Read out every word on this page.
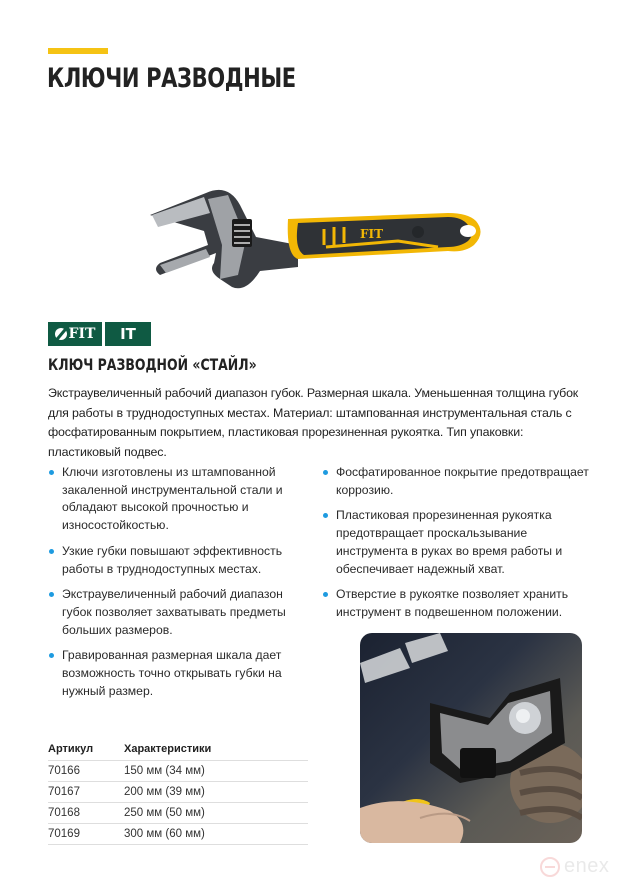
КЛЮЧИ РАЗВОДНЫЕ
FIT
FIT IT
КЛЮЧ РАЗВОДНОЙ «СТАЙЛ»

Экстраувеличенный рабочий диапазон губок. Размерная шкала. Уменьшенная толщина губок для работы в труднодоступных местах. Материал: штампованная инструментальная сталь с фосфатированным покрытием, пластиковая прорезиненная рукоятка. Тип упаковки: пластиковый подвес.

Ключи изготовлены из штампованной закаленной инструментальной стали и обладают высокой прочностью и износостойкостью.
Узкие губки повышают эффективность работы в труднодоступных местах.
Экстраувеличенный рабочий диапазон губок позволяет захватывать предметы больших размеров.
Гравированная размерная шкала дает возможность точно открывать губки на нужный размер.
Фосфатированное покрытие предотвращает коррозию.
Пластиковая прорезиненная рукоятка предотвращает проскальзывание инструмента в руках во время работы и обеспечивает надежный хват.
Отверстие в рукоятке позволяет хранить инструмент в подвешенном положении.
Артикул	Характеристики
70166	150 мм (34 мм)
70167	200 мм (39 мм)
70168	250 мм (50 мм)
70169	300 мм (60 мм)
enex
